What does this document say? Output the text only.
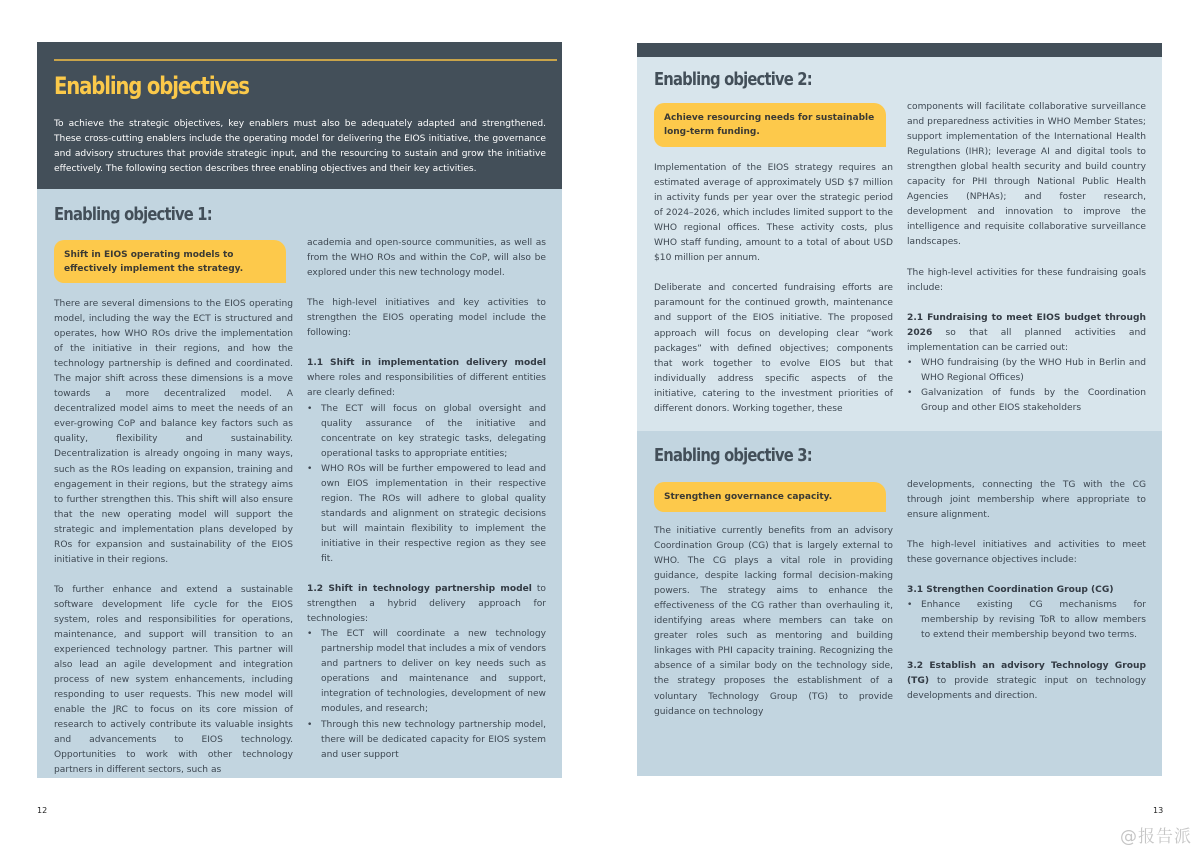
Enabling objectives

To achieve the strategic objectives, key enablers must also be adequately adapted and strengthened. These cross-cutting enablers include the operating model for delivering the EIOS initiative, the governance and advisory structures that provide strategic input, and the resourcing to sustain and grow the initiative effectively. The following section describes three enabling objectives and their key activities.

Enabling objective 1:
Shift in EIOS operating models to effectively implement the strategy.

There are several dimensions to the EIOS operating model, including the way the ECT is structured and operates, how WHO ROs drive the implementation of the initiative in their regions, and how the technology partnership is defined and coordinated. The major shift across these dimensions is a move towards a more decentralized model. A decentralized model aims to meet the needs of an ever-growing CoP and balance key factors such as quality, flexibility and sustainability. Decentralization is already ongoing in many ways, such as the ROs leading on expansion, training and engagement in their regions, but the strategy aims to further strengthen this. This shift will also ensure that the new operating model will support the strategic and implementation plans developed by ROs for expansion and sustainability of the EIOS initiative in their regions.

To further enhance and extend a sustainable software development life cycle for the EIOS system, roles and responsibilities for operations, maintenance, and support will transition to an experienced technology partner. This partner will also lead an agile development and integration process of new system enhancements, including responding to user requests. This new model will enable the JRC to focus on its core mission of research to actively contribute its valuable insights and advancements to EIOS technology. Opportunities to work with other technology partners in different sectors, such as

academia and open-source communities, as well as from the WHO ROs and within the CoP, will also be explored under this new technology model.

The high-level initiatives and key activities to strengthen the EIOS operating model include the following:

1.1 Shift in implementation delivery model where roles and responsibilities of different entities are clearly defined:

• The ECT will focus on global oversight and quality assurance of the initiative and concentrate on key strategic tasks, delegating operational tasks to appropriate entities;
• WHO ROs will be further empowered to lead and own EIOS implementation in their respective region. The ROs will adhere to global quality standards and alignment on strategic decisions but will maintain flexibility to implement the initiative in their respective region as they see fit.

1.2 Shift in technology partnership model to strengthen a hybrid delivery approach for technologies:

• The ECT will coordinate a new technology partnership model that includes a mix of vendors and partners to deliver on key needs such as operations and maintenance and support, integration of technologies, development of new modules, and research;
• Through this new technology partnership model, there will be dedicated capacity for EIOS system and user support
12
Enabling objective 2:
Achieve resourcing needs for sustainable long-term funding.

Implementation of the EIOS strategy requires an estimated average of approximately USD $7 million in activity funds per year over the strategic period of 2024–2026, which includes limited support to the WHO regional offices. These activity costs, plus WHO staff funding, amount to a total of about USD $10 million per annum.

Deliberate and concerted fundraising efforts are paramount for the continued growth, maintenance and support of the EIOS initiative. The proposed approach will focus on developing clear “work packages” with defined objectives; components that work together to evolve EIOS but that individually address specific aspects of the initiative, catering to the investment priorities of different donors. Working together, these

components will facilitate collaborative surveillance and preparedness activities in WHO Member States; support implementation of the International Health Regulations (IHR); leverage AI and digital tools to strengthen global health security and build country capacity for PHI through National Public Health Agencies (NPHAs); and foster research, development and innovation to improve the intelligence and requisite collaborative surveillance landscapes.

The high-level activities for these fundraising goals include:

2.1 Fundraising to meet EIOS budget through 2026 so that all planned activities and implementation can be carried out:

• WHO fundraising (by the WHO Hub in Berlin and WHO Regional Offices)
• Galvanization of funds by the Coordination Group and other EIOS stakeholders
Enabling objective 3:
Strengthen governance capacity.

The initiative currently benefits from an advisory Coordination Group (CG) that is largely external to WHO. The CG plays a vital role in providing guidance, despite lacking formal decision-making powers. The strategy aims to enhance the effectiveness of the CG rather than overhauling it, identifying areas where members can take on greater roles such as mentoring and building linkages with PHI capacity training. Recognizing the absence of a similar body on the technology side, the strategy proposes the establishment of a voluntary Technology Group (TG) to provide guidance on technology

developments, connecting the TG with the CG through joint membership where appropriate to ensure alignment.

The high-level initiatives and activities to meet these governance objectives include:

3.1 Strengthen Coordination Group (CG)

• Enhance existing CG mechanisms for membership by revising ToR to allow members to extend their membership beyond two terms.

3.2 Establish an advisory Technology Group (TG) to provide strategic input on technology developments and direction.

13
@报告派
